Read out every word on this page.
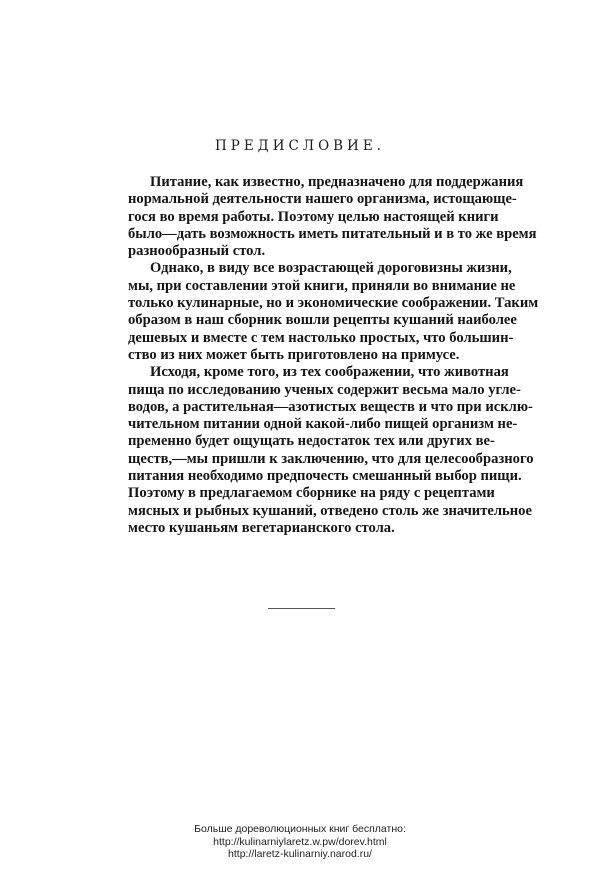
ПРЕДИСЛОВИЕ.
Питание, как известно, предназначено для поддержания
нормальной деятельности нашего организма, истощающе-
гося во время работы. Поэтому целью настоящей книги
было—дать возможность иметь питательный и в то же время
разнообразный стол.
Однако, в виду все возрастающей дороговизны жизни,
мы, при составлении этой книги, приняли во внимание не
только кулинарные, но и экономические соображении. Таким
образом в наш сборник вошли рецепты кушаний наиболее
дешевых и вместе с тем настолько простых, что большин-
ство из них может быть приготовлено на примусе.
Исходя, кроме того, из тех соображении, что животная
пища по исследованию ученых содержит весьма мало угле-
водов, а растительная—азотистых веществ и что при исклю-
чительном питании одной какой-либо пищей организм не-
пременно будет ощущать недостаток тех или других ве-
ществ,—мы пришли к заключению, что для целесообразного
питания необходимо предпочесть смешанный выбор пищи.
Поэтому в предлагаемом сборнике на ряду с рецептами
мясных и рыбных кушаний, отведено столь же значительное
место кушаньям вегетарианского стола.
Больше дореволюционных книг бесплатно:
http://kulinarniylaretz.w.pw/dorev.html
http://laretz-kulinarniy.narod.ru/
